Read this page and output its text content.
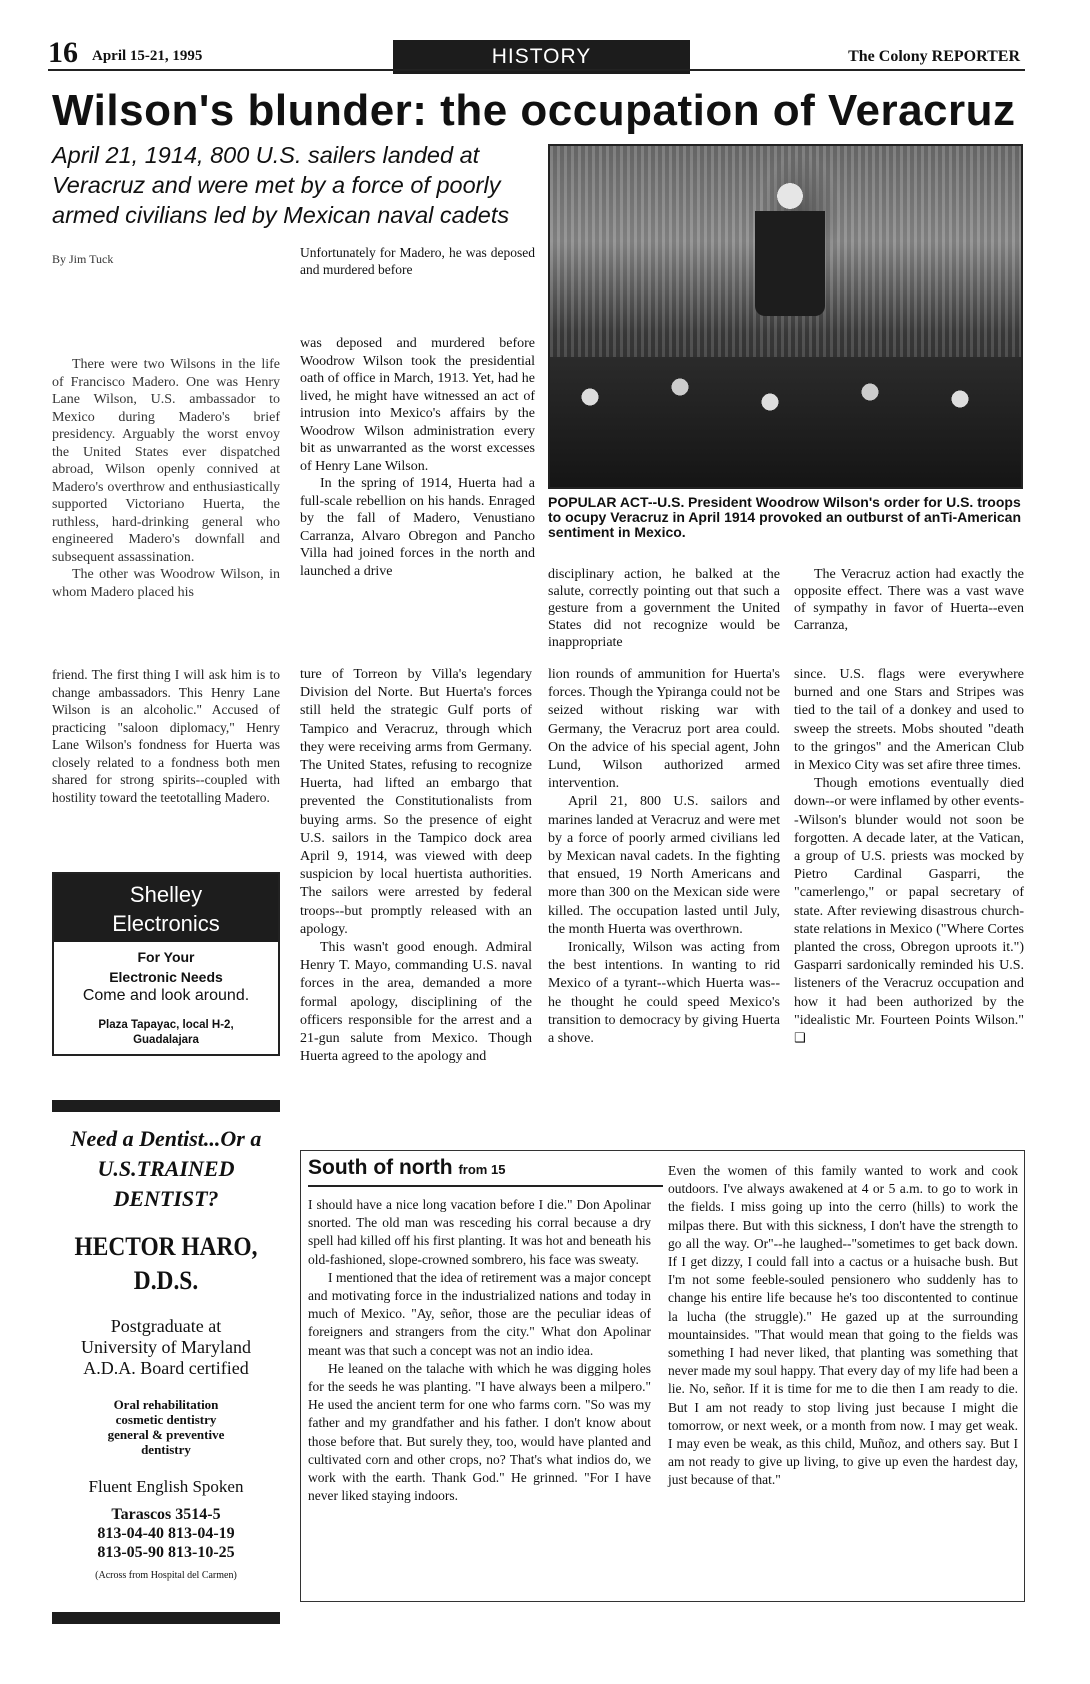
16 April 15-21, 1995	HISTORY	The Colony REPORTER
Wilson's blunder: the occupation of Veracruz
April 21, 1914, 800 U.S. sailers landed at Veracruz and were met by a force of poorly armed civilians led by Mexican naval cadets
By Jim Tuck	Unfortunately for Madero, he was deposed and murdered before

There were two Wilsons in the life of Francisco Madero. One was Henry Lane Wilson, U.S. ambassador to Mexico during Madero's brief presidency. Arguably the worst envoy the United States ever dispatched abroad, Wilson openly connived at Madero's overthrow and enthusiastically supported Victoriano Huerta, the ruthless, hard-drinking general who engineered Madero's downfall and subsequent assassination.

The other was Woodrow Wilson, in whom Madero placed his

was deposed and murdered before Woodrow Wilson took the presidential oath of office in March, 1913. Yet, had he lived, he might have witnessed an act of intrusion into Mexico's affairs by the Woodrow Wilson administration every bit as unwarranted as the worst excesses of Henry Lane Wilson.

In the spring of 1914, Huerta had a full-scale rebellion on his hands. Enraged by the fall of Madero, Venustiano Carranza, Alvaro Obregon and Pancho Villa had joined forces in the north and launched a drive

POPULAR ACT--U.S. President Woodrow Wilson's order for U.S. troops to ocupy Veracruz in April 1914 provoked an outburst of anTi-American sentiment in Mexico.

disciplinary action, he balked at the salute, correctly pointing out that such a gesture from a government the United States did not recognize would be inappropriate

The Veracruz action had exactly the opposite effect. There was a vast wave of sympathy in favor of Huerta--even Carranza,

friend. The first thing I will ask him is to change ambassadors. This Henry Lane Wilson is an alcoholic." Accused of practicing "saloon diplomacy," Henry Lane Wilson's fondness for Huerta was closely related to a fondness both men shared for strong spirits--coupled with hostility toward the teetotalling Madero.

ture of Torreon by Villa's legendary Division del Norte. But Huerta's forces still held the strategic Gulf ports of Tampico and Veracruz, through which they were receiving arms from Germany. The United States, refusing to recognize Huerta, had lifted an embargo that prevented the Constitutionalists from buying arms. So the presence of eight U.S. sailors in the Tampico dock area April 9, 1914, was viewed with deep suspicion by local huertista authorities. The sailors were arrested by federal troops--but promptly released with an apology.

This wasn't good enough. Admiral Henry T. Mayo, commanding U.S. naval forces in the area, demanded a more formal apology, disciplining of the officers responsible for the arrest and a 21-gun salute from Mexico. Though Huerta agreed to the apology and

lion rounds of ammunition for Huerta's forces. Though the Ypiranga could not be seized without risking war with Germany, the Veracruz port area could. On the advice of his special agent, John Lund, Wilson authorized armed intervention.

April 21, 800 U.S. sailors and marines landed at Veracruz and were met by a force of poorly armed civilians led by Mexican naval cadets. In the fighting that ensued, 19 North Americans and more than 300 on the Mexican side were killed. The occupation lasted until July, the month Huerta was overthrown.

Ironically, Wilson was acting from the best intentions. In wanting to rid Mexico of a tyrant--which Huerta was--he thought he could speed Mexico's transition to democracy by giving Huerta a shove.

since. U.S. flags were everywhere burned and one Stars and Stripes was tied to the tail of a donkey and used to sweep the streets. Mobs shouted "death to the gringos" and the American Club in Mexico City was set afire three times.

Though emotions eventually died down--or were inflamed by other events--Wilson's blunder would not soon be forgotten. A decade later, at the Vatican, a group of U.S. priests was mocked by Pietro Cardinal Gasparri, the "camerlengo," or papal secretary of state. After reviewing disastrous church-state relations in Mexico ("Where Cortes planted the cross, Obregon uproots it.") Gasparri sardonically reminded his U.S. listeners of the Veracruz occupation and how it had been authorized by the "idealistic Mr. Fourteen Points Wilson." ❑

Shelley
Electronics
For Your
Electronic Needs
Come and look around.
Plaza Tapayac, local H-2,
Guadalajara
Need a Dentist...Or a
U.S.TRAINED DENTIST?
HECTOR HARO, D.D.S.
Postgraduate at
University of Maryland
A.D.A. Board certified
Oral rehabilitation
cosmetic dentistry
general & preventive
dentistry
Fluent English Spoken
Tarascos 3514-5
813-04-40 813-04-19
813-05-90 813-10-25
(Across from Hospital del Carmen)
South of north from 15

I should have a nice long vacation before I die." Don Apolinar snorted. The old man was resceding his corral because a dry spell had killed off his first planting. It was hot and beneath his old-fashioned, slope-crowned sombrero, his face was sweaty.

I mentioned that the idea of retirement was a major concept and motivating force in the industrialized nations and today in much of Mexico. "Ay, señor, those are the peculiar ideas of foreigners and strangers from the city." What don Apolinar meant was that such a concept was not an indio idea.

He leaned on the talache with which he was digging holes for the seeds he was planting. "I have always been a milpero." He used the ancient term for one who farms corn. "So was my father and my grandfather and his father. I don't know about those before that. But surely they, too, would have planted and cultivated corn and other crops, no? That's what indios do, we work with the earth. Thank God." He grinned. "For I have never liked staying indoors.

Even the women of this family wanted to work and cook outdoors. I've always awakened at 4 or 5 a.m. to go to work in the fields. I miss going up into the cerro (hills) to work the milpas there. But with this sickness, I don't have the strength to go all the way. Or"--he laughed--"sometimes to get back down. If I get dizzy, I could fall into a cactus or a huisache bush. But I'm not some feeble-souled pensionero who suddenly has to change his entire life because he's too discontented to continue la lucha (the struggle)." He gazed up at the surrounding mountainsides. "That would mean that going to the fields was something I had never liked, that planting was something that never made my soul happy. That every day of my life had been a lie. No, señor. If it is time for me to die then I am ready to die. But I am not ready to stop living just because I might die tomorrow, or next week, or a month from now. I may get weak. I may even be weak, as this child, Muñoz, and others say. But I am not ready to give up living, to give up even the hardest day, just because of that."
